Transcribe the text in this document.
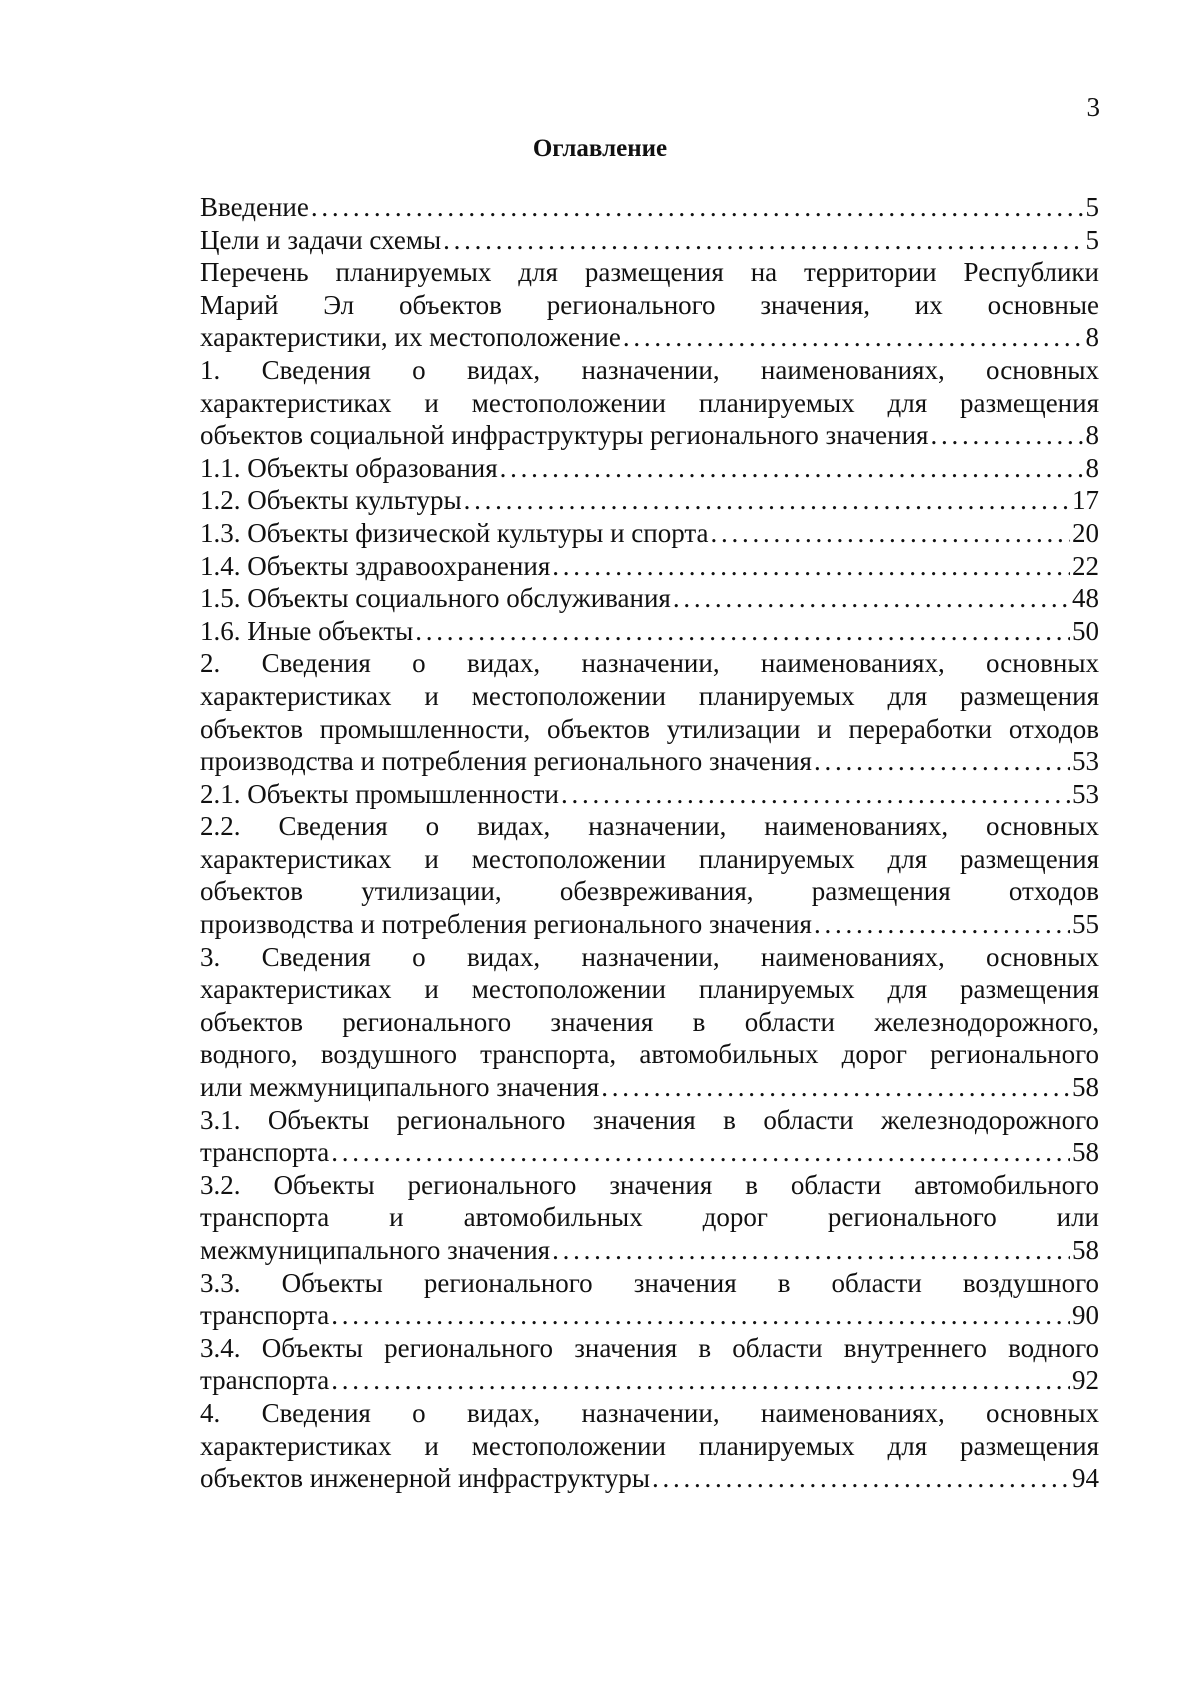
3
Оглавление
Введение . . .	5
Цели и задачи схемы . . .	5
Перечень планируемых для размещения на территории Республики
Марий Эл объектов регионального значения, их основные
характеристики, их местоположение . . .	8
1. Сведения о видах, назначении, наименованиях, основных
характеристиках и местоположении планируемых для размещения
объектов социальной инфраструктуры регионального значения . . .	8
1.1. Объекты образования . . .	8
1.2. Объекты культуры . . .	17
1.3. Объекты физической культуры и спорта . . .	20
1.4. Объекты здравоохранения . . .	22
1.5. Объекты социального обслуживания . . .	48
1.6. Иные объекты . . .	50
2. Сведения о видах, назначении, наименованиях, основных
характеристиках и местоположении планируемых для размещения
объектов промышленности, объектов утилизации и переработки отходов
производства и потребления регионального значения . . .	53
2.1. Объекты промышленности . . .	53
2.2. Сведения о видах, назначении, наименованиях, основных
характеристиках и местоположении планируемых для размещения
объектов утилизации, обезвреживания, размещения отходов
производства и потребления регионального значения . . .	55
3. Сведения о видах, назначении, наименованиях, основных
характеристиках и местоположении планируемых для размещения
объектов регионального значения в области железнодорожного,
водного, воздушного транспорта, автомобильных дорог регионального
или межмуниципального значения . . .	58
3.1. Объекты регионального значения в области железнодорожного
транспорта . . .	58
3.2. Объекты регионального значения в области автомобильного
транспорта и автомобильных дорог регионального или
межмуниципального значения . . .	58
3.3. Объекты регионального значения в области воздушного
транспорта . . .	90
3.4. Объекты регионального значения в области внутреннего водного
транспорта . . .	92
4. Сведения о видах, назначении, наименованиях, основных
характеристиках и местоположении планируемых для размещения
объектов инженерной инфраструктуры . . .	94
